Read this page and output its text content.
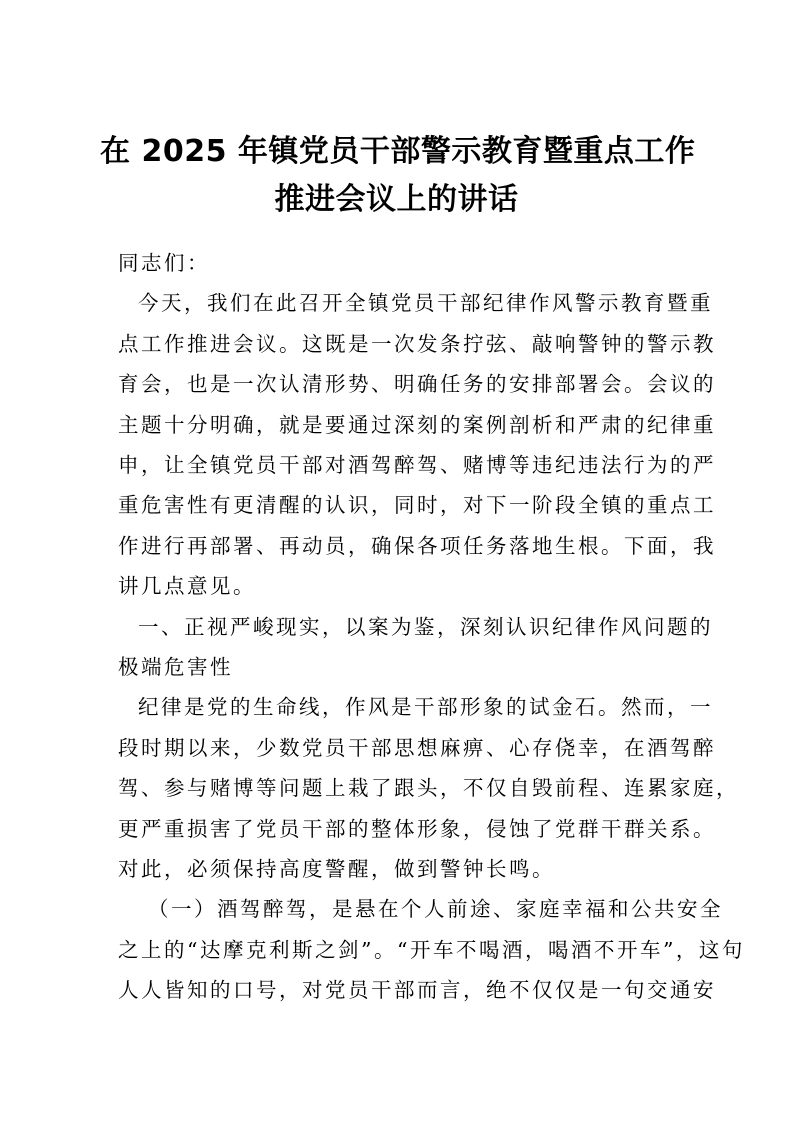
在 2025 年镇党员干部警示教育暨重点工作
推进会议上的讲话
同志们：
今天，我们在此召开全镇党员干部纪律作风警示教育暨重
点工作推进会议。这既是一次发条拧弦、敲响警钟的警示教
育会，也是一次认清形势、明确任务的安排部署会。会议的
主题十分明确，就是要通过深刻的案例剖析和严肃的纪律重
申，让全镇党员干部对酒驾醉驾、赌博等违纪违法行为的严
重危害性有更清醒的认识，同时，对下一阶段全镇的重点工
作进行再部署、再动员，确保各项任务落地生根。下面，我
讲几点意见。
一、正视严峻现实，以案为鉴，深刻认识纪律作风问题的
极端危害性
纪律是党的生命线，作风是干部形象的试金石。然而，一
段时期以来，少数党员干部思想麻痹、心存侥幸，在酒驾醉
驾、参与赌博等问题上栽了跟头，不仅自毁前程、连累家庭，
更严重损害了党员干部的整体形象，侵蚀了党群干群关系。
对此，必须保持高度警醒，做到警钟长鸣。
（一）酒驾醉驾，是悬在个人前途、家庭幸福和公共安全
之上的“达摩克利斯之剑”。“开车不喝酒，喝酒不开车”，这句
人人皆知的口号，对党员干部而言，绝不仅仅是一句交通安
